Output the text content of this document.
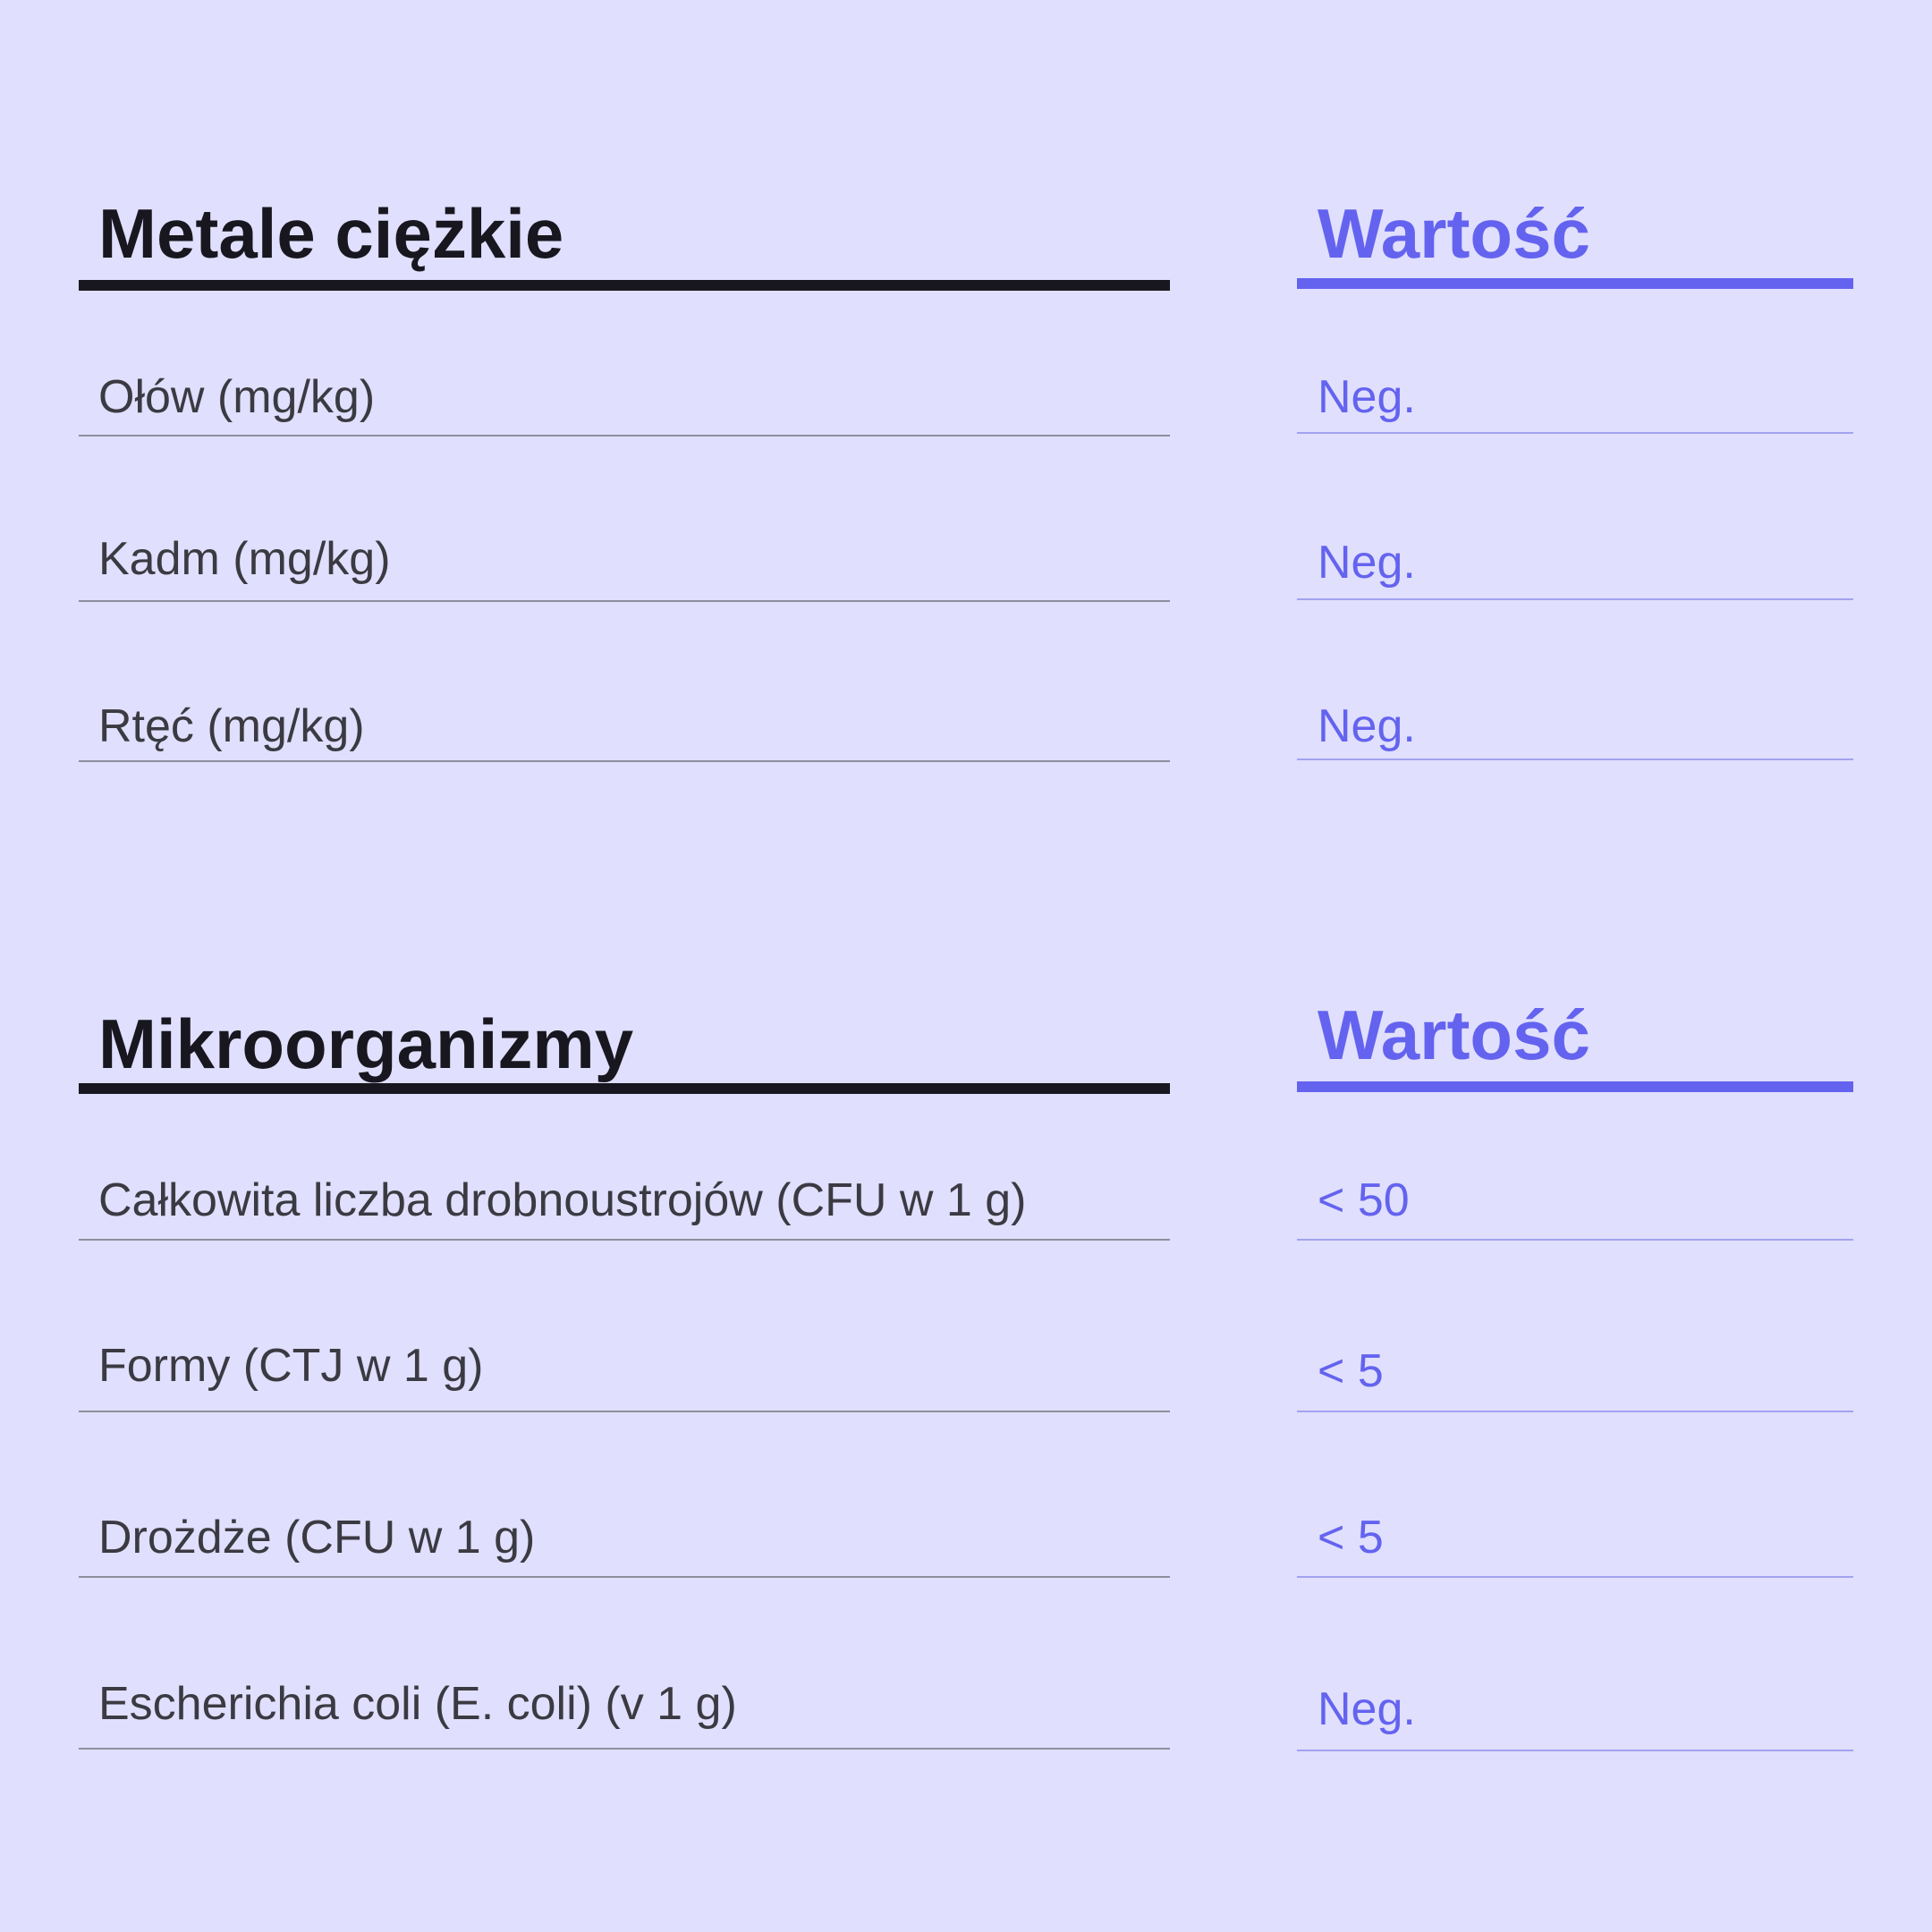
Metale ciężkie	Wartość
Ołów (mg/kg)	Neg.
Kadm (mg/kg)	Neg.
Rtęć (mg/kg)	Neg.
Mikroorganizmy	Wartość
Całkowita liczba drobnoustrojów (CFU w 1 g)	< 50
Formy (CTJ w 1 g)	< 5
Drożdże (CFU w 1 g)	< 5
Escherichia coli (E. coli) (v 1 g)	Neg.
